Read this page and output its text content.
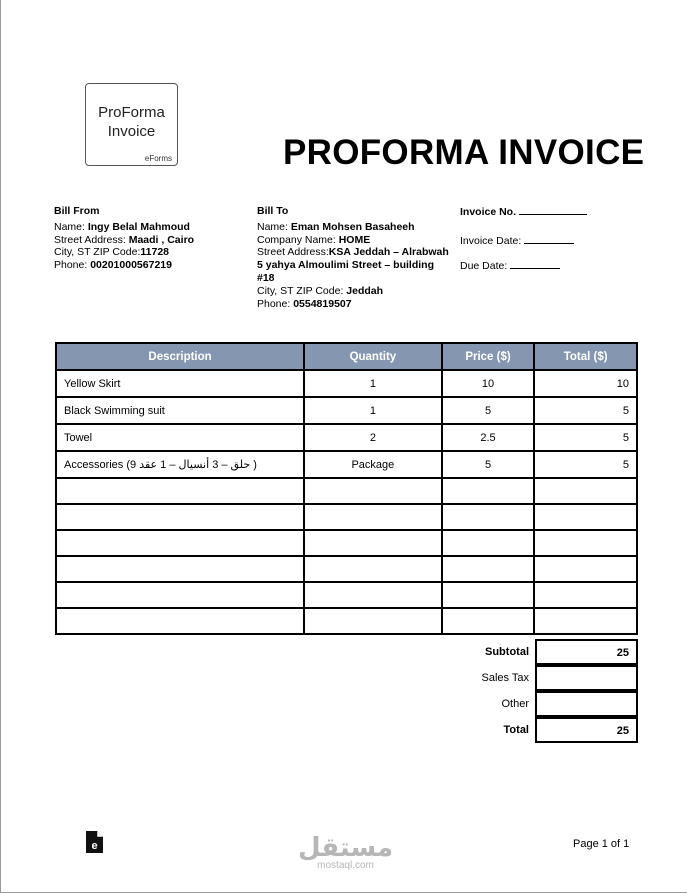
ProForma
Invoice
eForms	PROFORMA INVOICE
Bill From
Name: Ingy Belal Mahmoud
Street Address: Maadi , Cairo
City, ST ZIP Code:11728
Phone: 00201000567219
Bill To
Name: Eman Mohsen Basaheeh
Company Name: HOME
Street Address:KSA Jeddah – Alrabwah 5 yahya Almoulimi Street – building #18
City, ST ZIP Code: Jeddah
Phone: 0554819507
Invoice No.
Invoice Date:
Due Date:
Description	Quantity	Price ($)	Total ($)
Yellow Skirt	1	10	10
Black Swimming suit	1	5	5
Towel	2	2.5	5
Accessories (9 حلق – 3 أنسيال – 1 عقد )	Package	5	5

Subtotal	25
Sales Tax
Other
Total	25
e	مستقل
mostaql.com
Page 1 of 1
